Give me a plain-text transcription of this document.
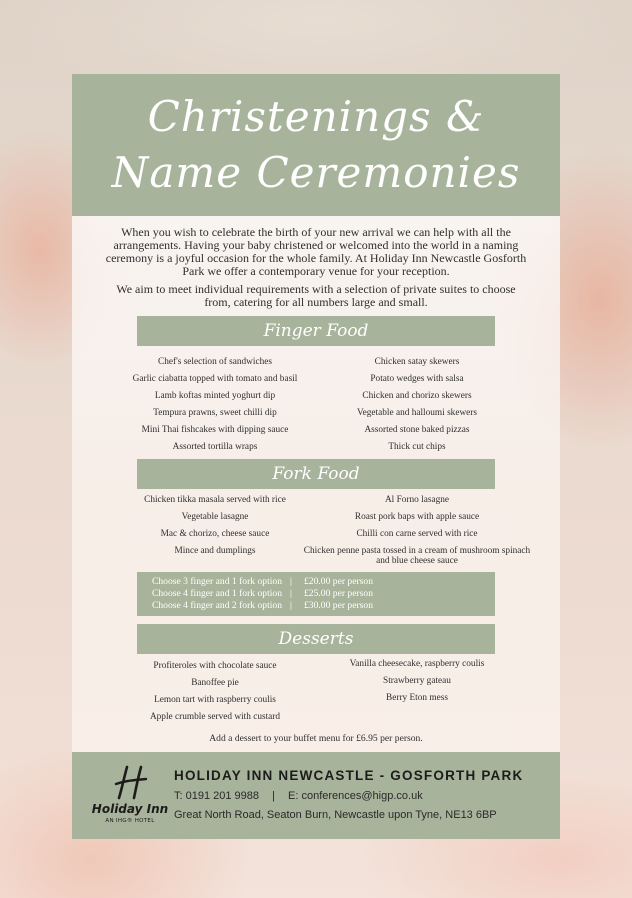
Christenings &
Name Ceremonies
When you wish to celebrate the birth of your new arrival we can help with all the arrangements. Having your baby christened or welcomed into the world in a naming ceremony is a joyful occasion for the whole family. At Holiday Inn Newcastle Gosforth Park we offer a contemporary venue for your reception.
We aim to meet individual requirements with a selection of private suites to choose from, catering for all numbers large and small.
Finger Food
Chef's selection of sandwiches
Garlic ciabatta topped with tomato and basil
Lamb koftas minted yoghurt dip
Tempura prawns, sweet chilli dip
Mini Thai fishcakes with dipping sauce
Assorted tortilla wraps
Chicken satay skewers
Potato wedges with salsa
Chicken and chorizo skewers
Vegetable and halloumi skewers
Assorted stone baked pizzas
Thick cut chips
Fork Food
Chicken tikka masala served with rice
Vegetable lasagne
Mac & chorizo, cheese sauce
Mince and dumplings
Al Forno lasagne
Roast pork baps with apple sauce
Chilli con carne served with rice
Chicken penne pasta tossed in a cream of mushroom spinach and blue cheese sauce
Choose 3 finger and 1 fork option |	£20.00 per person
Choose 4 finger and 1 fork option |	£25.00 per person
Choose 4 finger and 2 fork option |	£30.00 per person
Desserts
Profiteroles with chocolate sauce
Banoffee pie
Lemon tart with raspberry coulis
Apple crumble served with custard
Vanilla cheesecake, raspberry coulis
Strawberry gateau
Berry Eton mess
Add a dessert to your buffet menu for £6.95 per person.
Holiday Inn
AN IHG® HOTEL
HOLIDAY INN NEWCASTLE - GOSFORTH PARK
T: 0191 201 9988 | E: conferences@higp.co.uk
Great North Road, Seaton Burn, Newcastle upon Tyne, NE13 6BP
